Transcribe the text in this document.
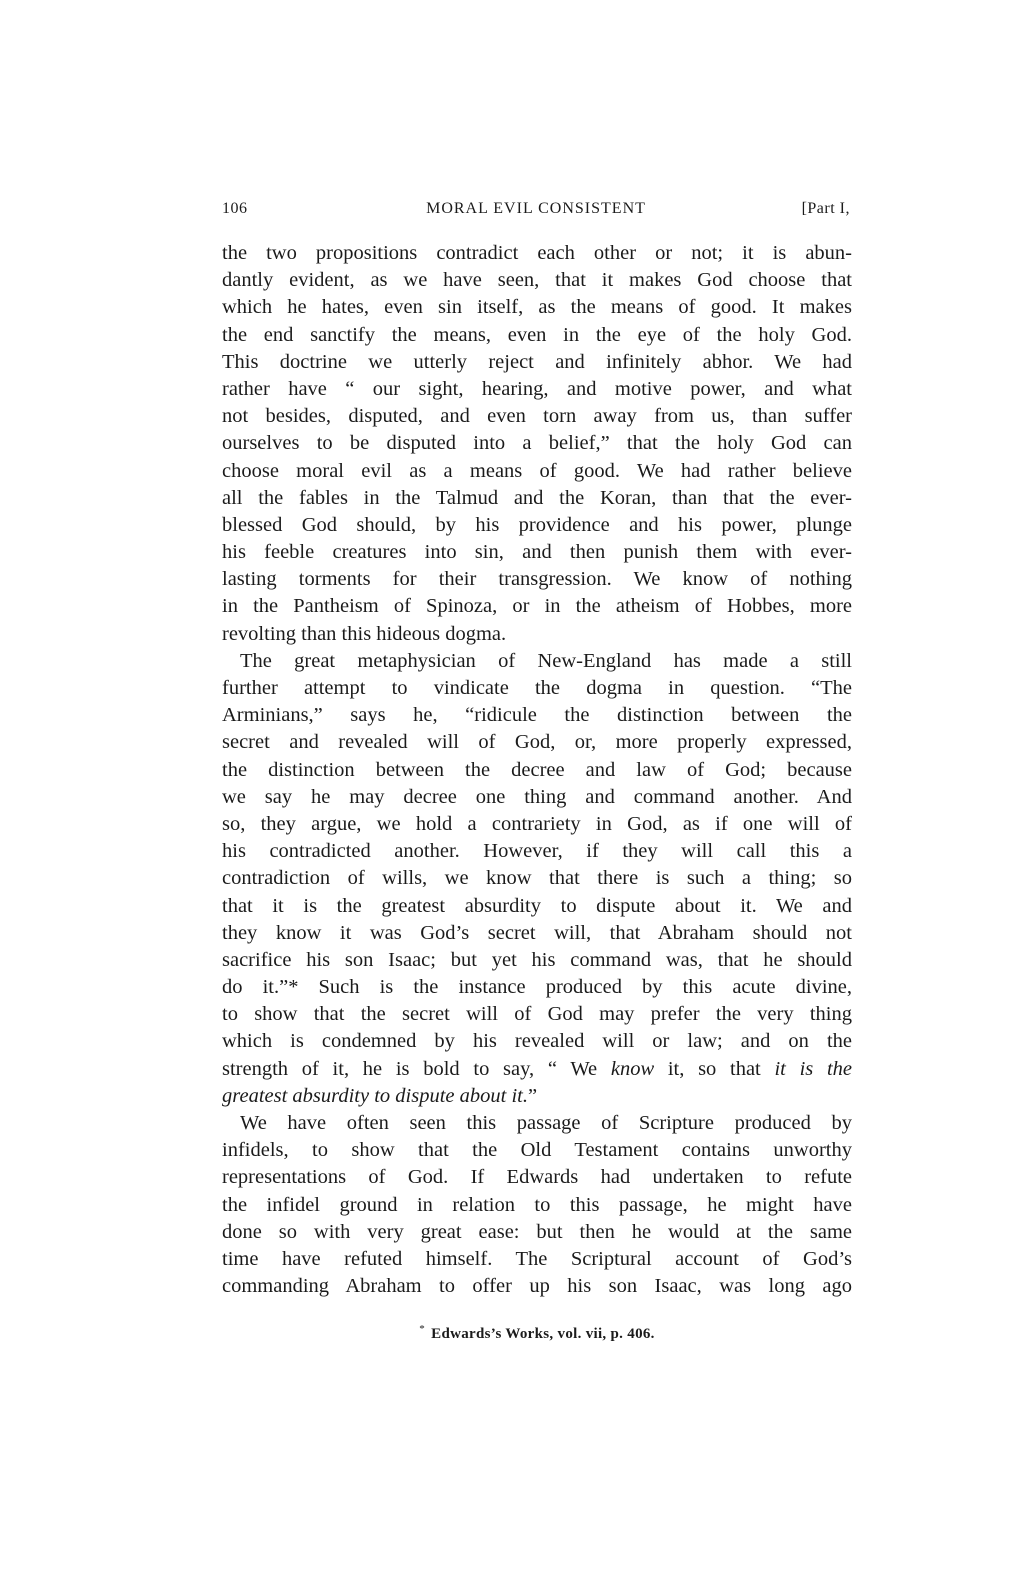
106	MORAL EVIL CONSISTENT	[Part I,
the two propositions contradict each other or not; it is abun-
dantly evident, as we have seen, that it makes God choose that
which he hates, even sin itself, as the means of good. It makes
the end sanctify the means, even in the eye of the holy God.
This doctrine we utterly reject and infinitely abhor. We had
rather have “ our sight, hearing, and motive power, and what
not besides, disputed, and even torn away from us, than suffer
ourselves to be disputed into a belief,” that the holy God can
choose moral evil as a means of good. We had rather believe
all the fables in the Talmud and the Koran, than that the ever-
blessed God should, by his providence and his power, plunge
his feeble creatures into sin, and then punish them with ever-
lasting torments for their transgression. We know of nothing
in the Pantheism of Spinoza, or in the atheism of Hobbes, more
revolting than this hideous dogma.
The great metaphysician of New-England has made a still
further attempt to vindicate the dogma in question. “The
Arminians,” says he, “ridicule the distinction between the
secret and revealed will of God, or, more properly expressed,
the distinction between the decree and law of God; because
we say he may decree one thing and command another. And
so, they argue, we hold a contrariety in God, as if one will of
his contradicted another. However, if they will call this a
contradiction of wills, we know that there is such a thing; so
that it is the greatest absurdity to dispute about it. We and
they know it was God’s secret will, that Abraham should not
sacrifice his son Isaac; but yet his command was, that he should
do it.”* Such is the instance produced by this acute divine,
to show that the secret will of God may prefer the very thing
which is condemned by his revealed will or law; and on the
strength of it, he is bold to say, “ We know it, so that it is the
greatest absurdity to dispute about it.”
We have often seen this passage of Scripture produced by
infidels, to show that the Old Testament contains unworthy
representations of God. If Edwards had undertaken to refute
the infidel ground in relation to this passage, he might have
done so with very great ease: but then he would at the same
time have refuted himself. The Scriptural account of God’s
commanding Abraham to offer up his son Isaac, was long ago
* Edwards’s Works, vol. vii, p. 406.
